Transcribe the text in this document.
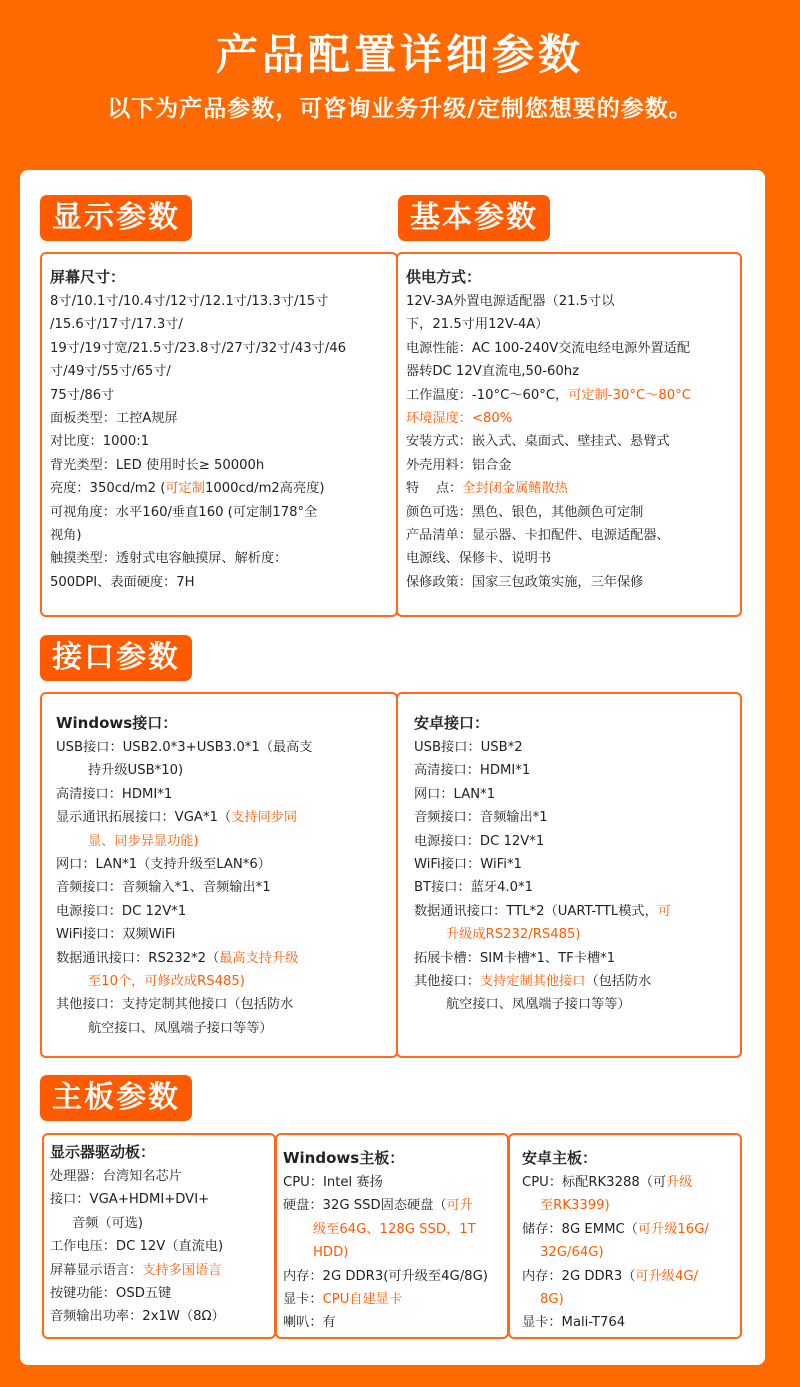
产品配置详细参数
以下为产品参数，可咨询业务升级/定制您想要的参数。
显示参数
屏幕尺寸：
8寸/10.1寸/10.4寸/12寸/12.1寸/13.3寸/15寸
/15.6寸/17寸/17.3寸/
19寸/19寸宽/21.5寸/23.8寸/27寸/32寸/43寸/46
寸/49寸/55寸/65寸/
75寸/86寸
面板类型：工控A规屏
对比度：1000:1
背光类型：LED 使用时长≥ 50000h
亮度：350cd/m2 (可定制1000cd/m2高亮度)
可视角度：水平160/垂直160 (可定制178°全
视角)
触摸类型：透射式电容触摸屏、解析度：
500DPI、表面硬度：7H
基本参数
供电方式：
12V-3A外置电源适配器（21.5寸以
下，21.5寸用12V-4A）
电源性能：AC 100-240V交流电经电源外置适配
器转DC 12V直流电,50-60hz
工作温度：-10°C～60°C，可定制-30°C～80°C
环境湿度：<80%
安装方式：嵌入式、桌面式、壁挂式、悬臂式
外壳用料：铝合金
特    点：全封闭金属鳍散热
颜色可选：黑色、银色，其他颜色可定制
产品清单：显示器、卡扣配件、电源适配器、
电源线、保修卡、说明书
保修政策：国家三包政策实施，三年保修
接口参数
Windows接口：
USB接口：USB2.0*3+USB3.0*1（最高支
持升级USB*10)
高清接口：HDMI*1
显示通讯拓展接口：VGA*1（支持同步同
显、同步异显功能)
网口：LAN*1（支持升级至LAN*6）
音频接口：音频输入*1、音频输出*1
电源接口：DC 12V*1
WiFi接口：双频WiFi
数据通讯接口：RS232*2（最高支持升级
至10个，可修改成RS485)
其他接口：支持定制其他接口（包括防水
航空接口、凤凰端子接口等等）
安卓接口：
USB接口：USB*2
高清接口：HDMI*1
网口：LAN*1
音频接口：音频输出*1
电源接口：DC 12V*1
WiFi接口：WiFi*1
BT接口：蓝牙4.0*1
数据通讯接口：TTL*2（UART-TTL模式，可
升级成RS232/RS485)
拓展卡槽：SIM卡槽*1、TF卡槽*1
其他接口：支持定制其他接口（包括防水
航空接口、凤凰端子接口等等）
主板参数
显示器驱动板：
处理器：台湾知名芯片
接口：VGA+HDMI+DVI+
音频（可选)
工作电压：DC 12V（直流电)
屏幕显示语言：支持多国语言
按键功能：OSD五键
音频输出功率：2x1W（8Ω）
Windows主板：
CPU：Intel 赛扬
硬盘：32G SSD固态硬盘（可升
级至64G、128G SSD，1T
HDD)
内存：2G DDR3(可升级至4G/8G)
显卡：CPU自建显卡
喇叭：有
安卓主板：
CPU：标配RK3288（可升级
至RK3399)
储存：8G EMMC（可升级16G/
32G/64G)
内存：2G DDR3（可升级4G/
8G)
显卡：Mali-T764
